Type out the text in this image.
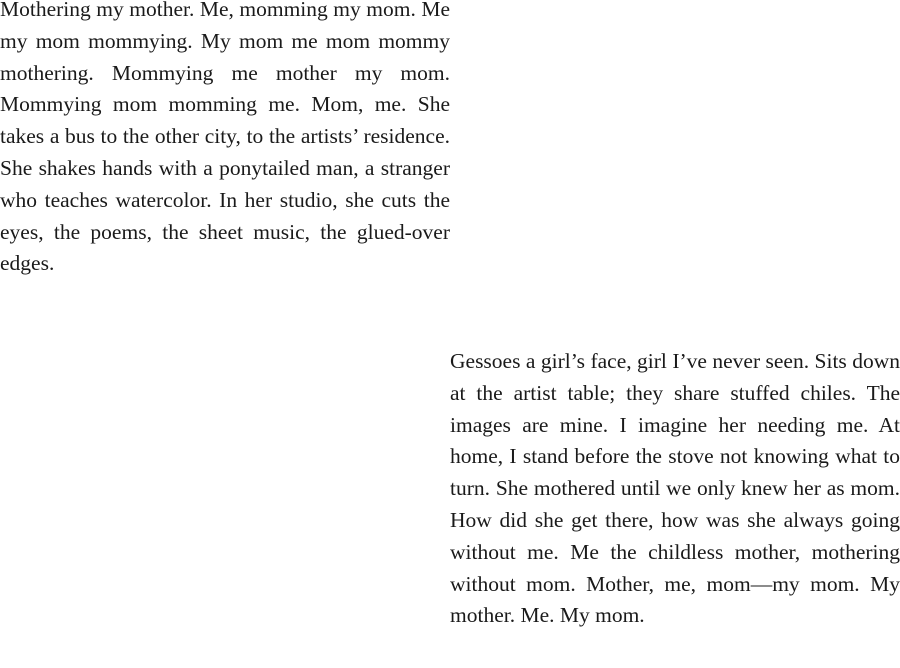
Mothering my mother. Me, momming my mom. Me my mom mommying. My mom me mom mommy mothering. Mommying me mother my mom. Mommying mom momming me. Mom, me. She takes a bus to the other city, to the artists’ residence. She shakes hands with a ponytailed man, a stranger who teaches watercolor. In her studio, she cuts the eyes, the poems, the sheet music, the glued-over edges.

Gessoes a girl’s face, girl I’ve never seen. Sits down at the artist table; they share stuffed chiles. The images are mine. I imagine her needing me. At home, I stand before the stove not knowing what to turn. She mothered until we only knew her as mom. How did she get there, how was she always going without me. Me the childless mother, mothering without mom. Mother, me, mom—my mom. My mother. Me. My mom.
